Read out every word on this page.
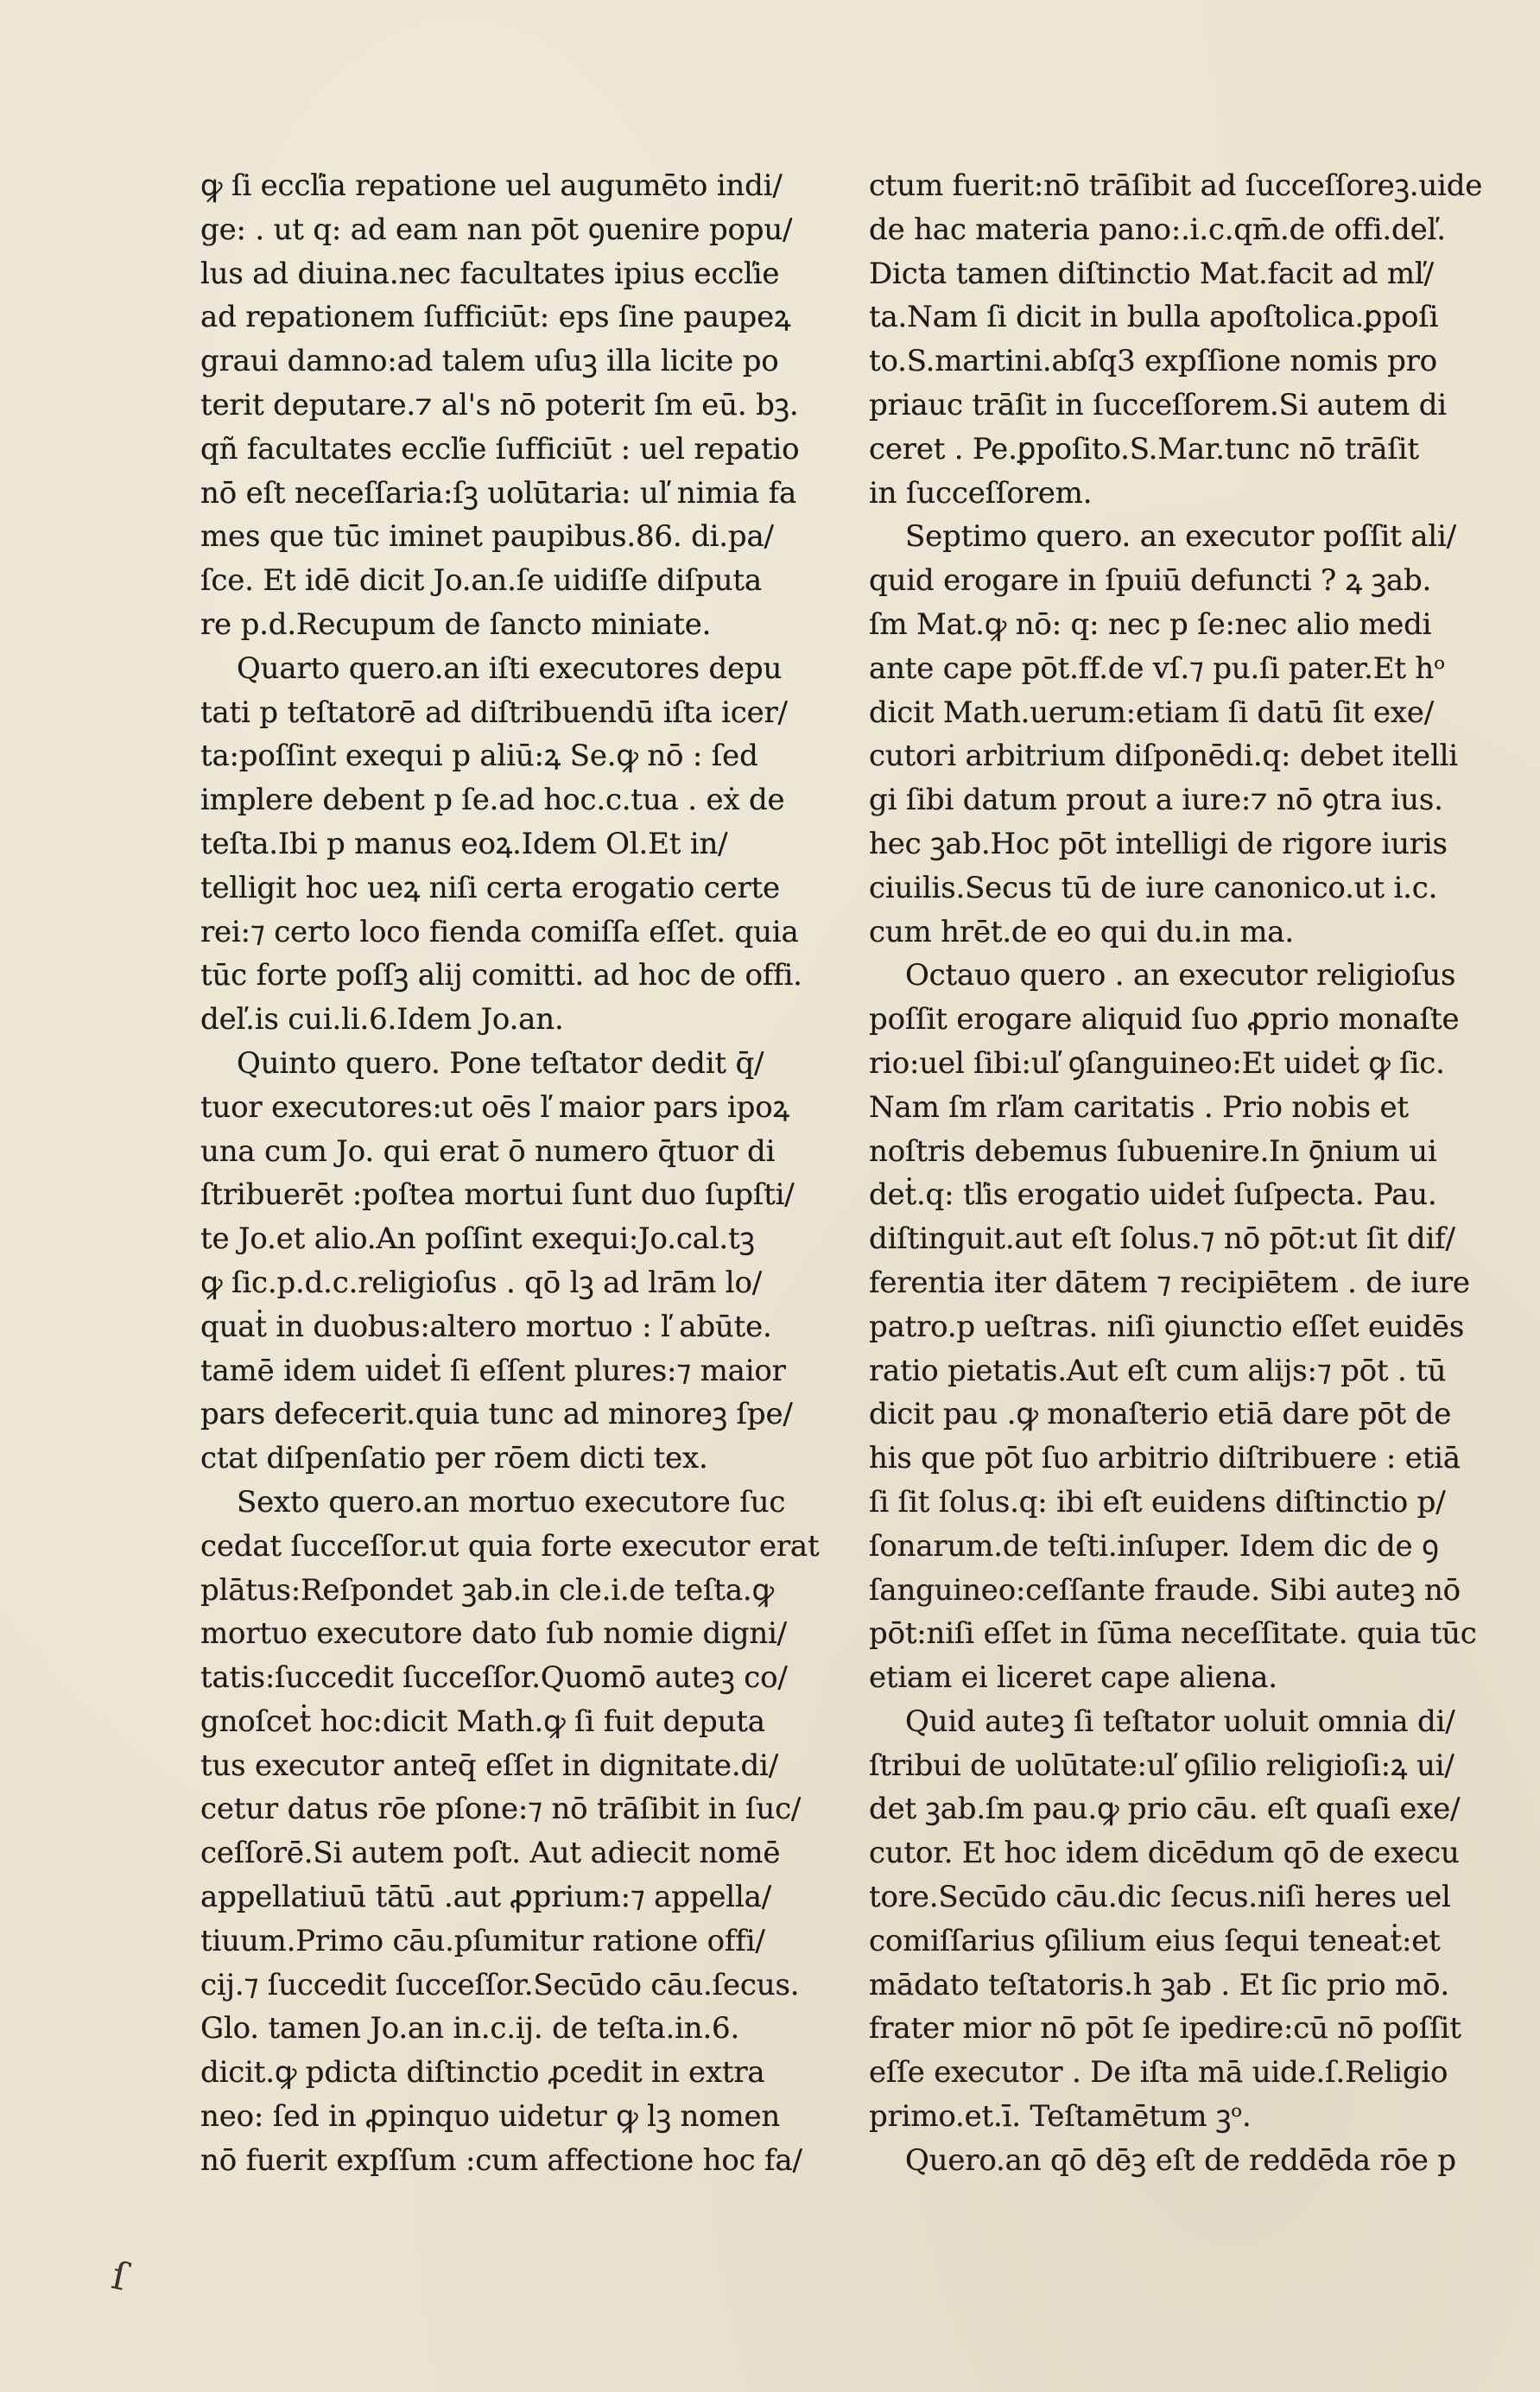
ꝙ ſi eccľia repatione uel augumēto indi/
ge: . ut q: ad eam nan pōt ꝯuenire popu/
lus ad diuina.nec facultates ipius eccľie
ad repationem ſufficiūt: eps ſine paupeꝝ
graui damno:ad talem uſuꝫ illa licite po
terit deputare.⁊ al's nō poterit ſm eū. bꝫ.
qñ facultates eccľie ſufficiūt : uel repatio
nō eſt neceſſaria:ſꝫ uolūtaria: uľ nimia fa
mes que tūc iminet paupibus.86. di.pa/
ſce. Et idē dicit Jo.an.ſe uidiſſe diſputa
re p.d.Recupum de ſancto miniate.
Quarto quero.an iſti executores depu
tati p teſtatorē ad diſtribuendū iſta icer/
ta:poſſint exequi p aliū:ꝝ Se.ꝙ nō : ſed
implere debent p ſe.ad hoc.c.tua . eẋ de
teſta.Ibi p manus eoꝝ.Idem Ol.Et in/
telligit hoc ueꝝ niſi certa erogatio certe
rei:⁊ certo loco fienda comiſſa eſſet. quia
tūc forte poſſꝫ alij comitti. ad hoc de offi.
deľ.is cui.li.6.Idem Jo.an.
Quinto quero. Pone teſtator dedit q̄/
tuor executores:ut oēs ľ maior pars ipoꝝ
una cum Jo. qui erat ō numero q̄tuor di
ſtribuerēt :poſtea mortui ſunt duo ſupſti/
te Jo.et alio.An poſſint exequi:Jo.cal.tꝫ
ꝙ ſic.p.d.c.religioſus . qō lꝫ ad lrām lo/
quaṫ in duobus:altero mortuo : ľ abūte.
tamē idem uideṫ ſi eſſent plures:⁊ maior
pars defecerit.quia tunc ad minoreꝫ ſpe/
ctat diſpenſatio per rōem dicti tex.
Sexto quero.an mortuo executore ſuc
cedat ſucceſſor.ut quia forte executor erat
plātus:Reſpondet ꝫab.in cle.i.de teſta.ꝙ
mortuo executore dato ſub nomie digni/
tatis:ſuccedit ſucceſſor.Quomō auteꝫ co/
gnoſceṫ hoc:dicit Math.ꝙ ſi fuit deputa
tus executor anteq̄ eſſet in dignitate.di/
cetur datus rōe pſone:⁊ nō trāſibit in ſuc/
ceſſorē.Si autem poſt. Aut adiecit nomē
appellatiuū tātū .aut ꝓprium:⁊ appella/
tiuum.Primo cāu.pſumitur ratione offi/
cij.⁊ ſuccedit ſucceſſor.Secūdo cāu.ſecus.
Glo. tamen Jo.an in.c.ij. de teſta.in.6.
dicit.ꝙ pdicta diſtinctio ꝓcedit in extra
neo: ſed in ꝓpinquo uidetur ꝙ lꝫ nomen
nō fuerit expſſum :cum affectione hoc fa/
ctum fuerit:nō trāſibit ad ſucceſſoreꝫ.uide
de hac materia pano:.i.c.qm̄.de offi.deľ.
Dicta tamen diſtinctio Mat.facit ad mľ/
ta.Nam ſi dicit in bulla apoſtolica.ꝑpoſi
to.S.martini.abſq3 expſſione nomis pro
priauc trāſit in ſucceſſorem.Si autem di
ceret . Pe.ꝑpoſito.S.Mar.tunc nō trāſit
in ſucceſſorem.
Septimo quero. an executor poſſit ali/
quid erogare in ſpuiū defuncti ? ꝝ ꝫab.
ſm Mat.ꝙ nō: q: nec p ſe:nec alio medi
ante cape pōt.ff.de vſ.⁊ pu.ſi pater.Et hᵒ
dicit Math.uerum:etiam ſi datū ſit exe/
cutori arbitrium diſponēdi.q: debet itelli
gi ſibi datum prout a iure:⁊ nō ꝯtra ius.
hec ꝫab.Hoc pōt intelligi de rigore iuris
ciuilis.Secus tū de iure canonico.ut i.c.
cum hrēt.de eo qui du.in ma.
Octauo quero . an executor religioſus
poſſit erogare aliquid ſuo ꝓprio monaſte
rio:uel ſibi:uľ ꝯſanguineo:Et uideṫ ꝙ ſic.
Nam ſm rľam caritatis . Prio nobis et
noſtris debemus ſubuenire.In ꝯ̄nium ui
deṫ.q: tľis erogatio uideṫ ſuſpecta. Pau.
diſtinguit.aut eſt ſolus.⁊ nō pōt:ut ſit dif/
ferentia iter dātem ⁊ recipiētem . de iure
patro.p ueſtras. niſi ꝯiunctio eſſet euidēs
ratio pietatis.Aut eſt cum alijs:⁊ pōt . tū
dicit pau .ꝙ monaſterio etiā dare pōt de
his que pōt ſuo arbitrio diſtribuere : etiā
ſi ſit ſolus.q: ibi eſt euidens diſtinctio p/
ſonarum.de teſti.inſuper. Idem dic de ꝯ
ſanguineo:ceſſante fraude. Sibi auteꝫ nō
pōt:niſi eſſet in ſūma neceſſitate. quia tūc
etiam ei liceret cape aliena.
Quid auteꝫ ſi teſtator uoluit omnia di/
ſtribui de uolūtate:uľ ꝯſilio religioſi:ꝝ ui/
det ꝫab.ſm pau.ꝙ prio cāu. eſt quaſi exe/
cutor. Et hoc idem dicēdum qō de execu
tore.Secūdo cāu.dic ſecus.niſi heres uel
comiſſarius ꝯſilium eius ſequi teneaṫ:et
mādato teſtatoris.h ꝫab . Et ſic prio mō.
frater mior nō pōt ſe ipedire:cū nō poſſit
eſſe executor . De iſta mā uide.ſ.Religio
primo.et.ī. Teſtamētum ꝫᵒ.
Quero.an qō dēꝫ eſt de reddēda rōe p
ſ
